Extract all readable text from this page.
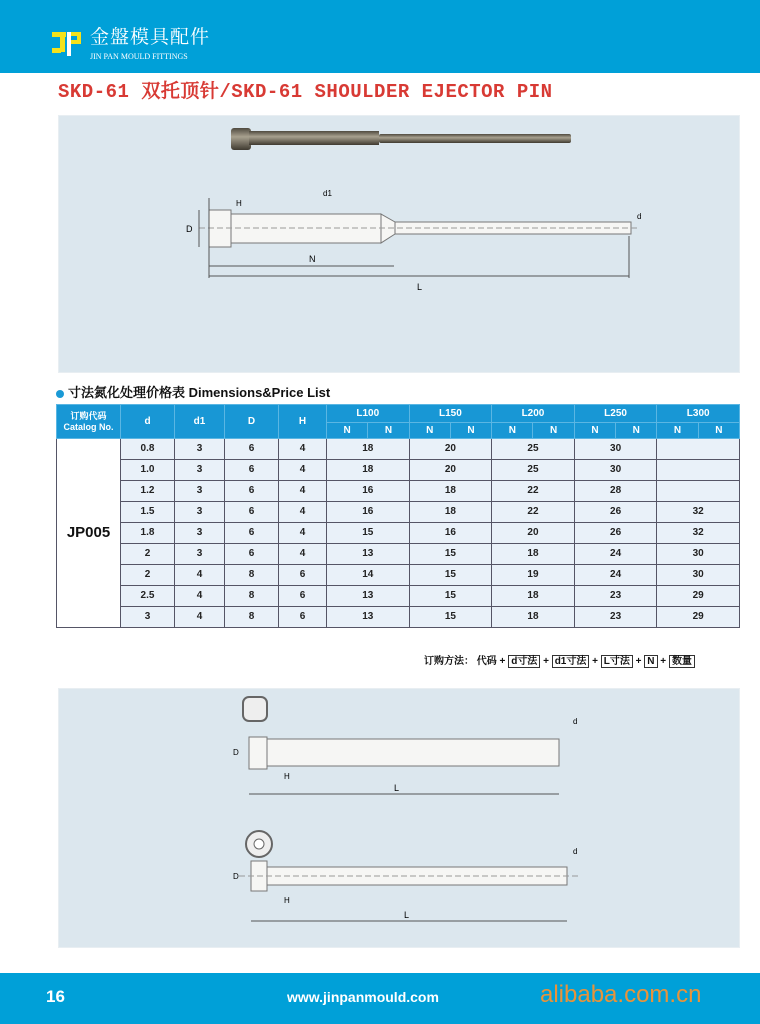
金盤模具配件
JIN PAN MOULD FITTINGS
SKD-61 双托顶针/SKD-61 SHOULDER EJECTOR PIN
D
H
d1
N
L
d
寸法氮化处理价格表 Dimensions&Price List
订购代码
Catalog No.	d	d1	D	H	L100		L150		L200		L250		L300	
					N	N	N	N	N	N	N	N	N	N
JP005	0.8	3	6	4	18		20		25		30			
	1.0	3	6	4	18		20		25		30			
	1.2	3	6	4	16		18		22		28			
	1.5	3	6	4	16		18		22		26		32	
	1.8	3	6	4	15		16		20		26		32	
	2	3	6	4	13		15		18		24		30	
	2	4	8	6	14		15		19		24		30	
	2.5	4	8	6	13		15		18		23		29	
	3	4	8	6	13		15		18		23		29	
订购方法： 代码 + d寸法 + d1寸法 + L寸法 + N + 数量
L
H
D
d
L
H
D
d
16	www.jinpanmould.com	alibaba.com.cn
